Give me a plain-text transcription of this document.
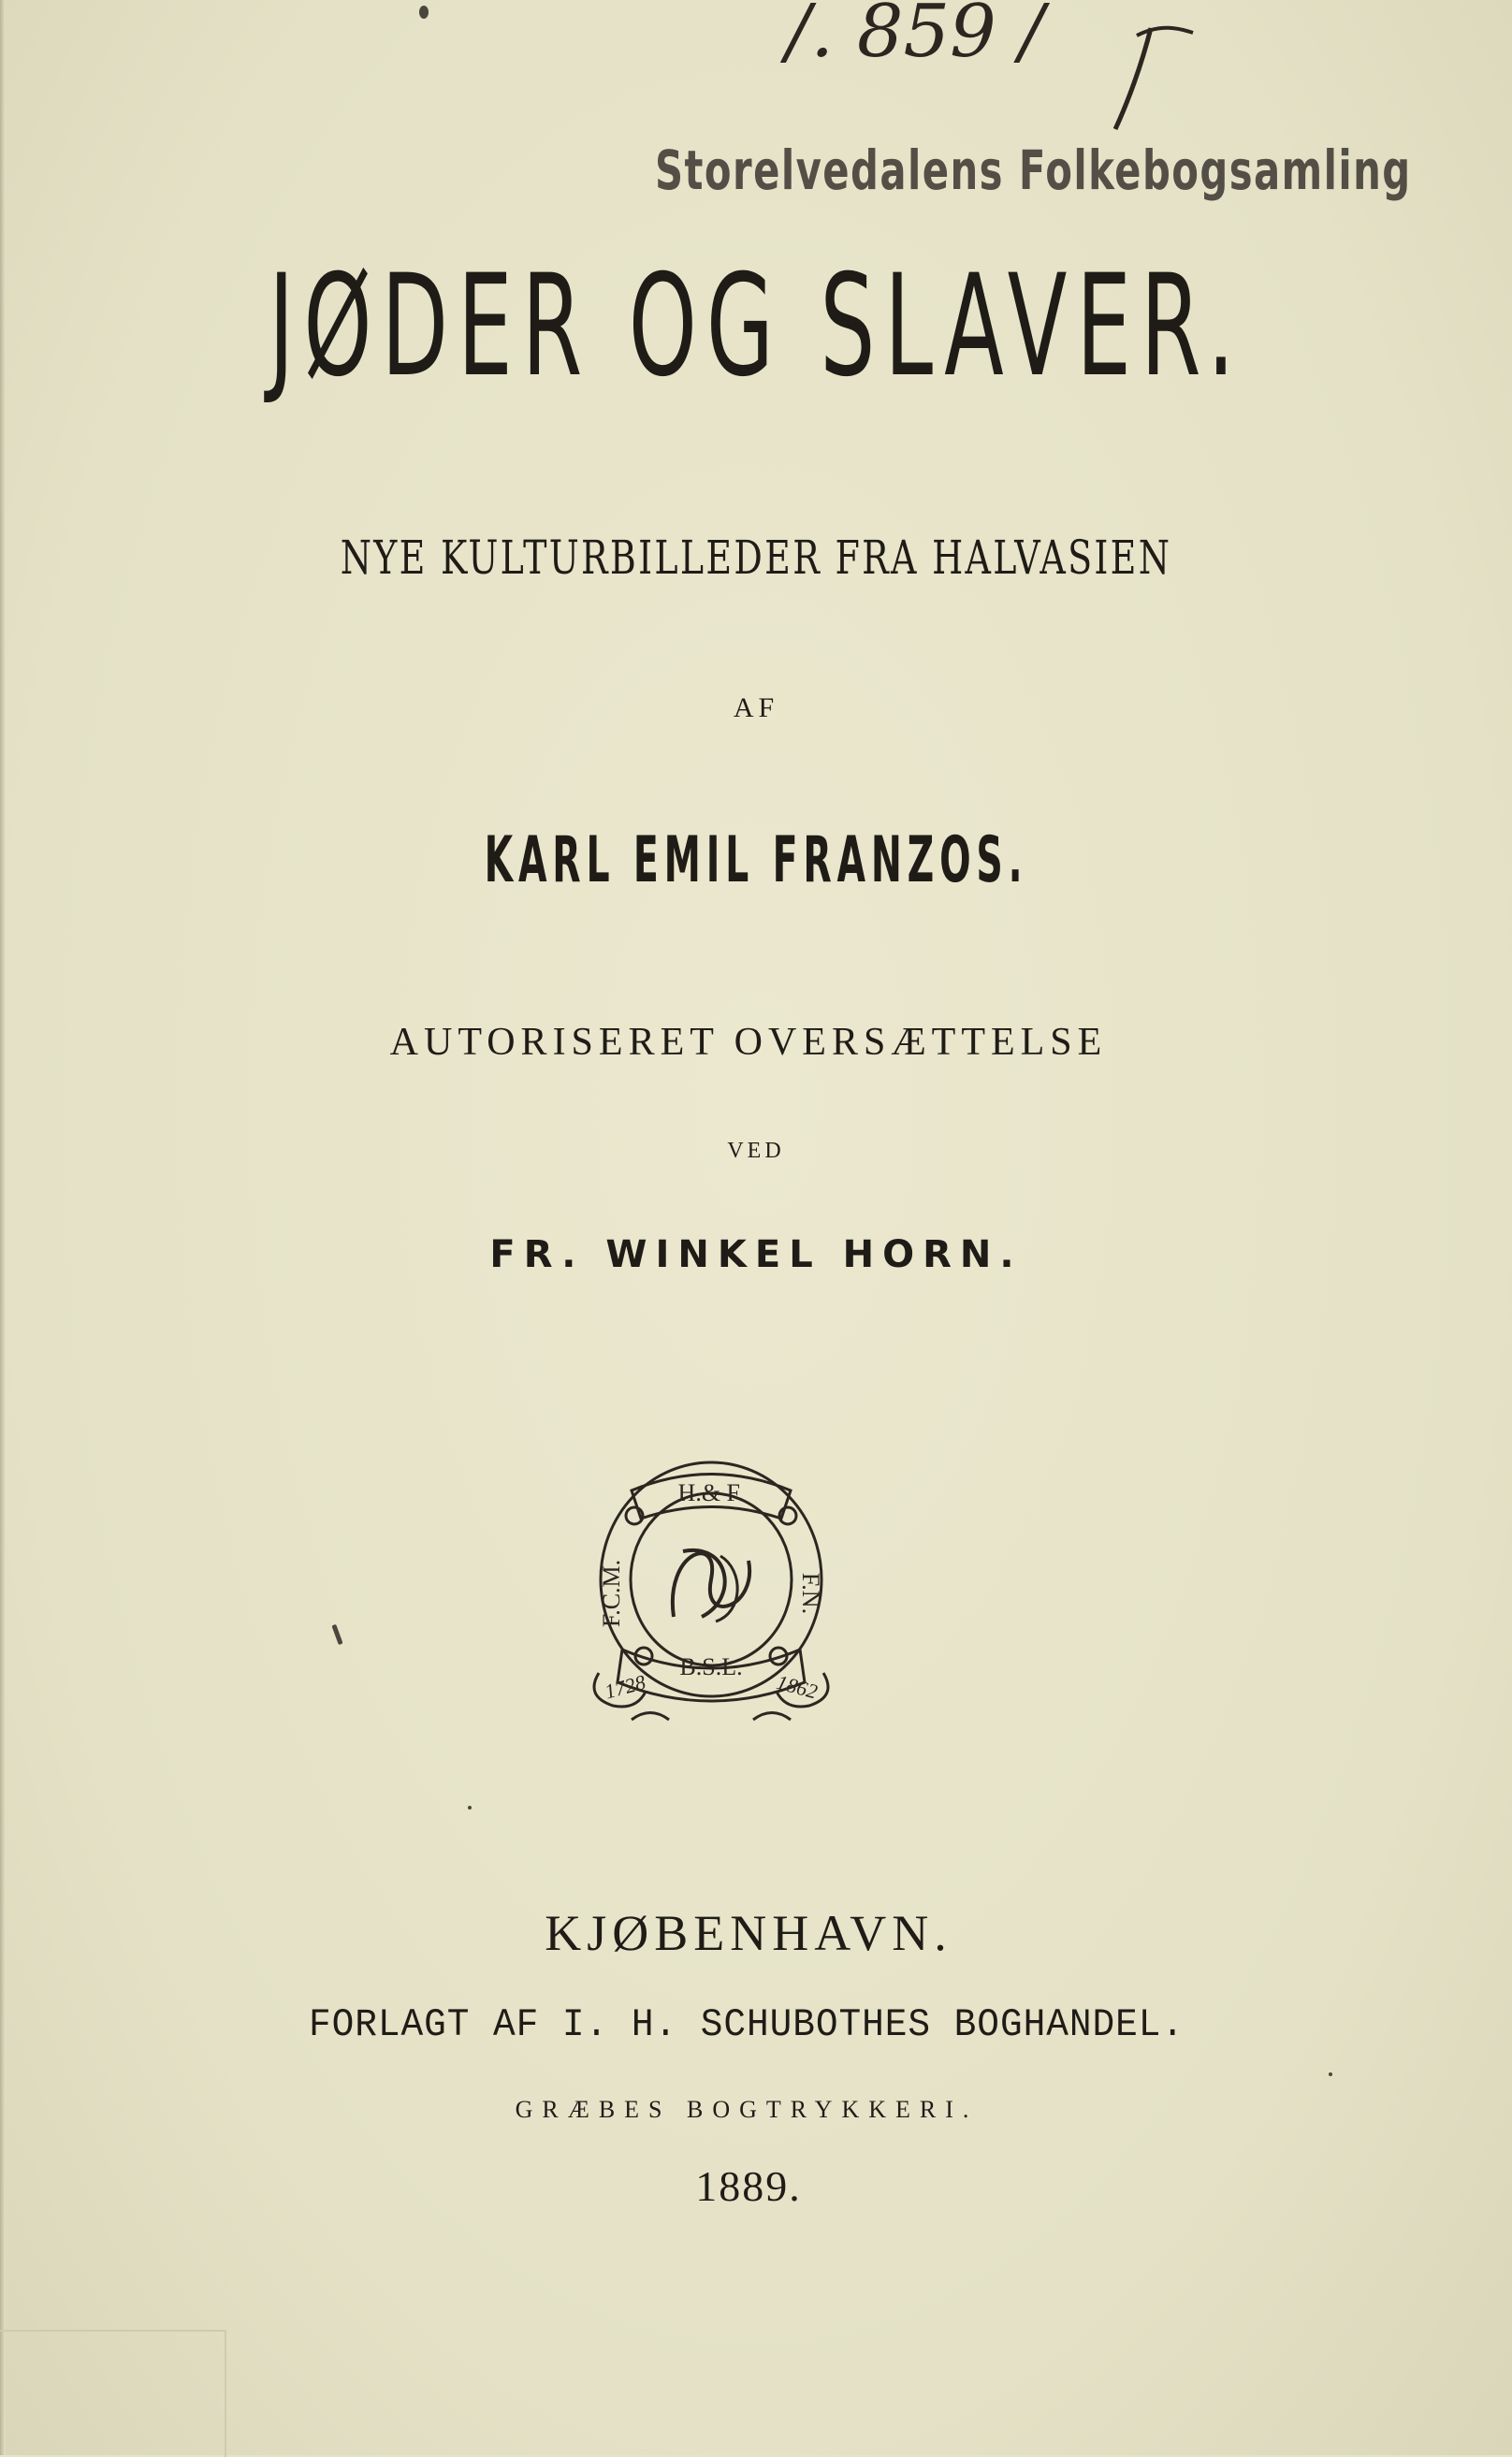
/. 859 /
Storelvedalens Folkebogsamling
JØDER OG SLAVER.
NYE KULTURBILLEDER FRA HALVASIEN
AF
KARL EMIL FRANZOS.
AUTORISERET OVERSÆTTELSE
VED
FR. WINKEL HORN.
H.& F.
F.C.M.	F.N.
B.S.L.
1728	1862
KJØBENHAVN.
FORLAGT AF I. H. SCHUBOTHES BOGHANDEL.
GRÆBES BOGTRYKKERI.
1889.
